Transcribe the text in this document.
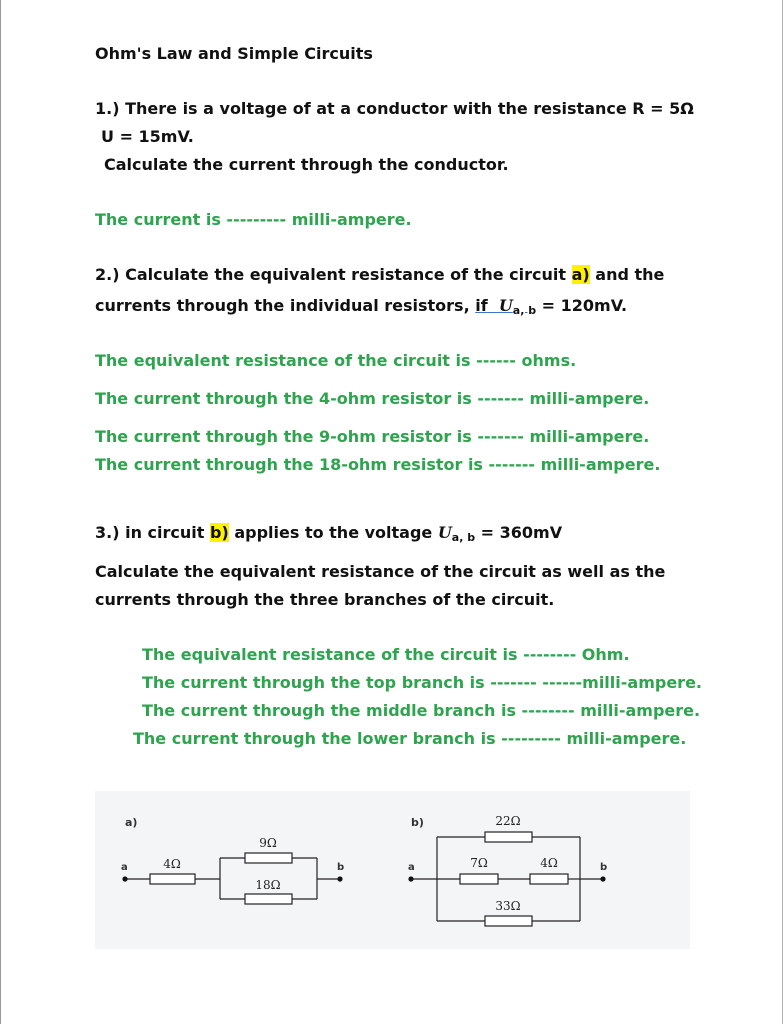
Ohm's Law and Simple Circuits
1.) There is a voltage of at a conductor with the resistance R = 5Ω
U = 15mV.
Calculate the current through the conductor.
The current is --------- milli-ampere.
2.) Calculate the equivalent resistance of the circuit a) and the
currents through the individual resistors, if Ua, b = 120mV.
The equivalent resistance of the circuit is ------ ohms.
The current through the 4-ohm resistor is ------- milli-ampere.
The current through the 9-ohm resistor is ------- milli-ampere.
The current through the 18-ohm resistor is ------- milli-ampere.
3.) in circuit b) applies to the voltage Ua, b = 360mV
Calculate the equivalent resistance of the circuit as well as the
currents through the three branches of the circuit.
The equivalent resistance of the circuit is -------- Ohm.
The current through the top branch is ------- ------milli-ampere.
The current through the middle branch is -------- milli-ampere.
The current through the lower branch is --------- milli-ampere.
a)
a	b
4Ω
9Ω
18Ω
b)
a	b
22Ω
7Ω	4Ω
33Ω
